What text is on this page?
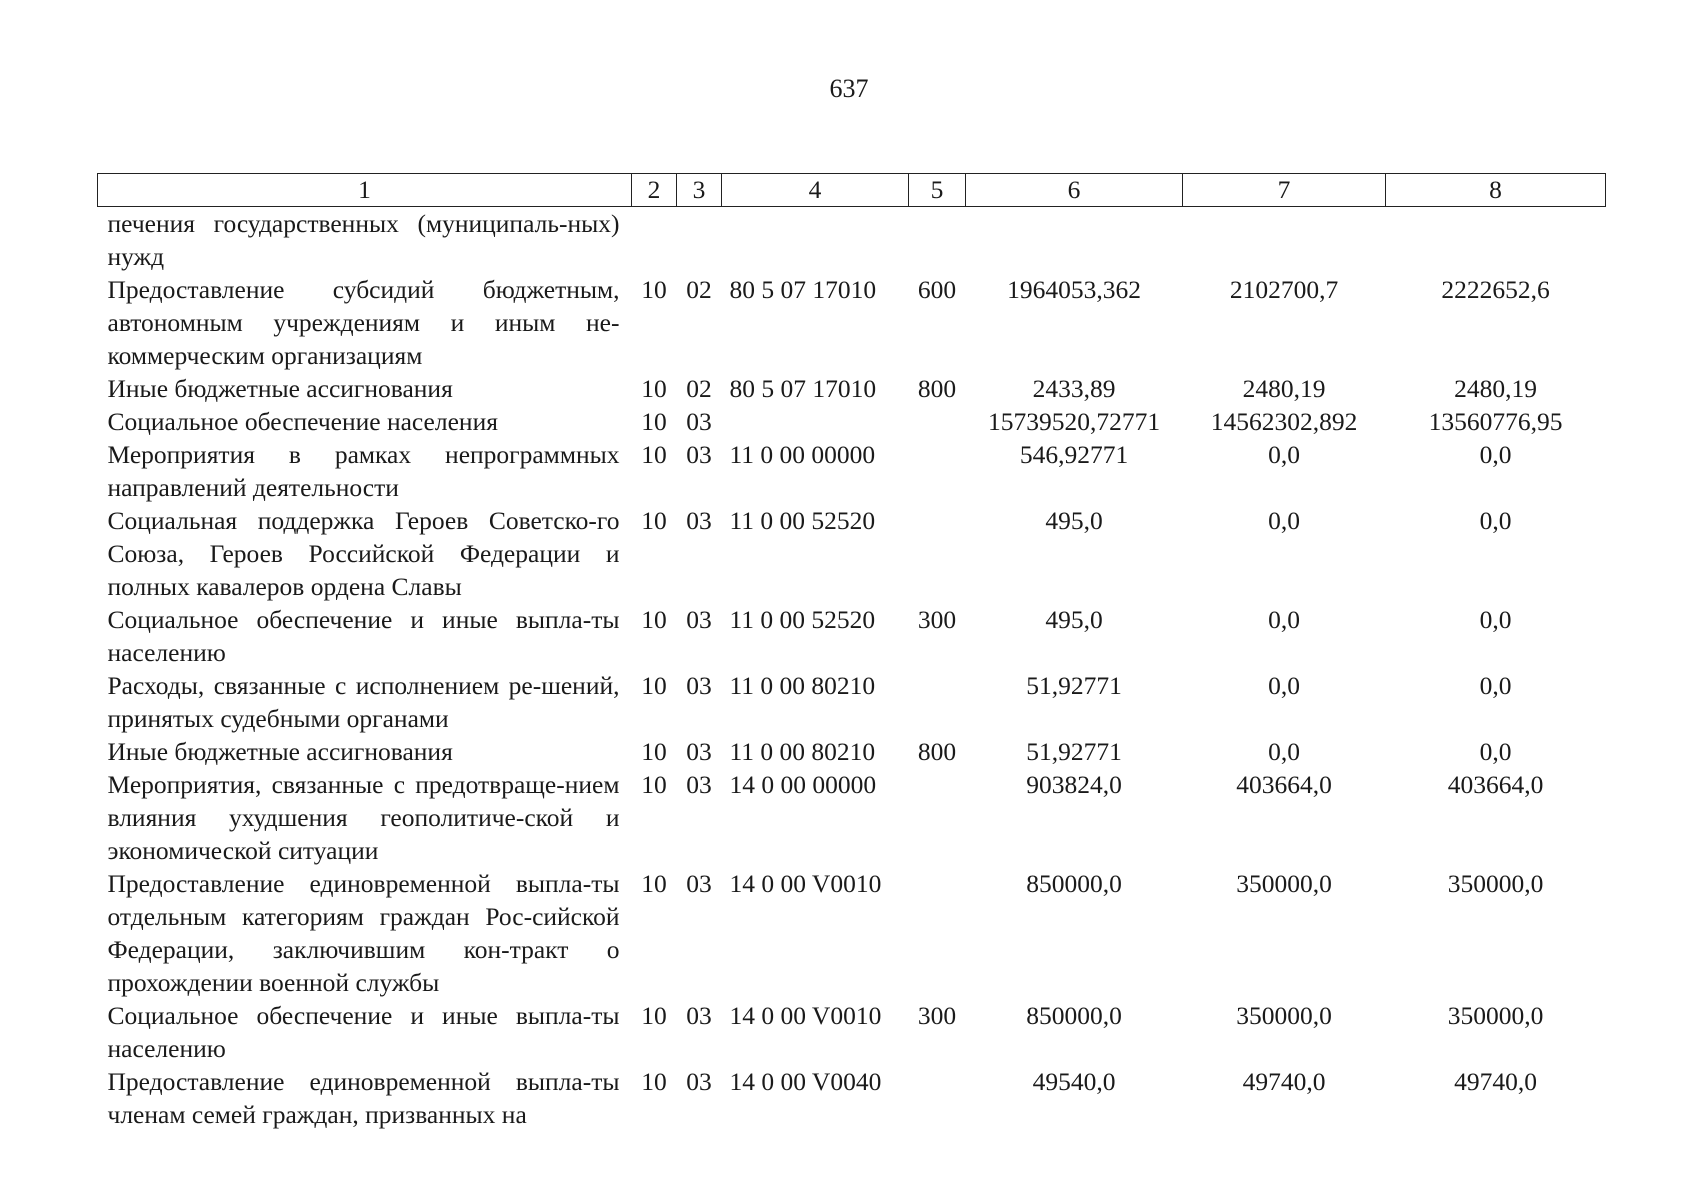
637
1	2	3	4	5	6	7	8
печения государственных (муниципаль-ных) нужд							
Предоставление субсидий бюджетным, автономным учреждениям и иным не-коммерческим организациям	10	02	80 5 07 17010	600	1964053,362	2102700,7	2222652,6
Иные бюджетные ассигнования	10	02	80 5 07 17010	800	2433,89	2480,19	2480,19
Социальное обеспечение населения	10	03			15739520,72771	14562302,892	13560776,95
Мероприятия в рамках непрограммных направлений деятельности	10	03	11 0 00 00000		546,92771	0,0	0,0
Социальная поддержка Героев Советско-го Союза, Героев Российской Федерации и полных кавалеров ордена Славы	10	03	11 0 00 52520		495,0	0,0	0,0
Социальное обеспечение и иные выпла-ты населению	10	03	11 0 00 52520	300	495,0	0,0	0,0
Расходы, связанные с исполнением ре-шений, принятых судебными органами	10	03	11 0 00 80210		51,92771	0,0	0,0
Иные бюджетные ассигнования	10	03	11 0 00 80210	800	51,92771	0,0	0,0
Мероприятия, связанные с предотвраще-нием влияния ухудшения геополитиче-ской и экономической ситуации	10	03	14 0 00 00000		903824,0	403664,0	403664,0
Предоставление единовременной выпла-ты отдельным категориям граждан Рос-сийской Федерации, заключившим кон-тракт о прохождении военной службы	10	03	14 0 00 V0010		850000,0	350000,0	350000,0
Социальное обеспечение и иные выпла-ты населению	10	03	14 0 00 V0010	300	850000,0	350000,0	350000,0
Предоставление единовременной выпла-ты членам семей граждан, призванных на	10	03	14 0 00 V0040		49540,0	49740,0	49740,0
